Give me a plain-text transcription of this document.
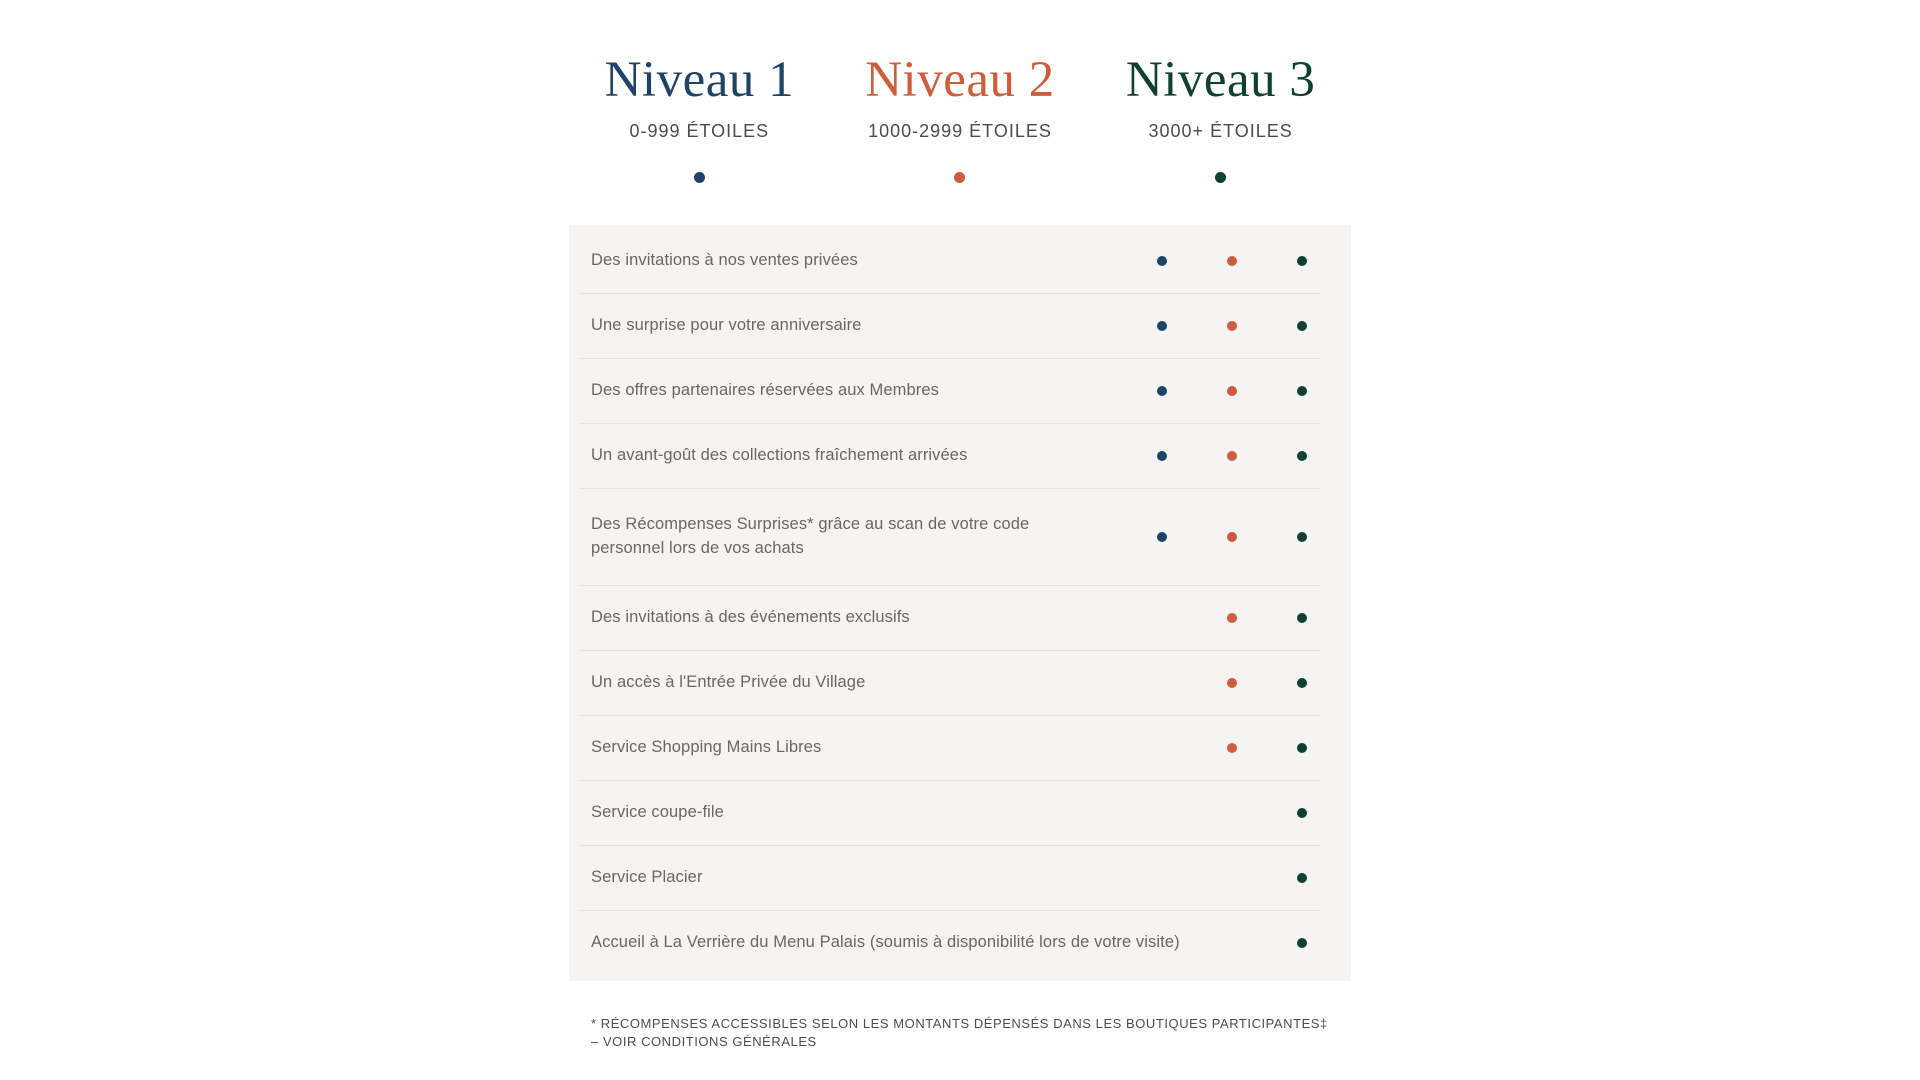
Niveau 1
0-999 ÉTOILES
Niveau 2
1000-2999 ÉTOILES
Niveau 3
3000+ ÉTOILES
Des invitations à nos ventes privées
Une surprise pour votre anniversaire
Des offres partenaires réservées aux Membres
Un avant-goût des collections fraîchement arrivées
Des Récompenses Surprises* grâce au scan de votre code personnel lors de vos achats
Des invitations à des événements exclusifs
Un accès à l'Entrée Privée du Village
Service Shopping Mains Libres
Service coupe-file
Service Placier
Accueil à La Verrière du Menu Palais (soumis à disponibilité lors de votre visite)
* RÉCOMPENSES ACCESSIBLES SELON LES MONTANTS DÉPENSÉS DANS LES BOUTIQUES PARTICIPANTES‡
– VOIR CONDITIONS GÉNÉRALES
